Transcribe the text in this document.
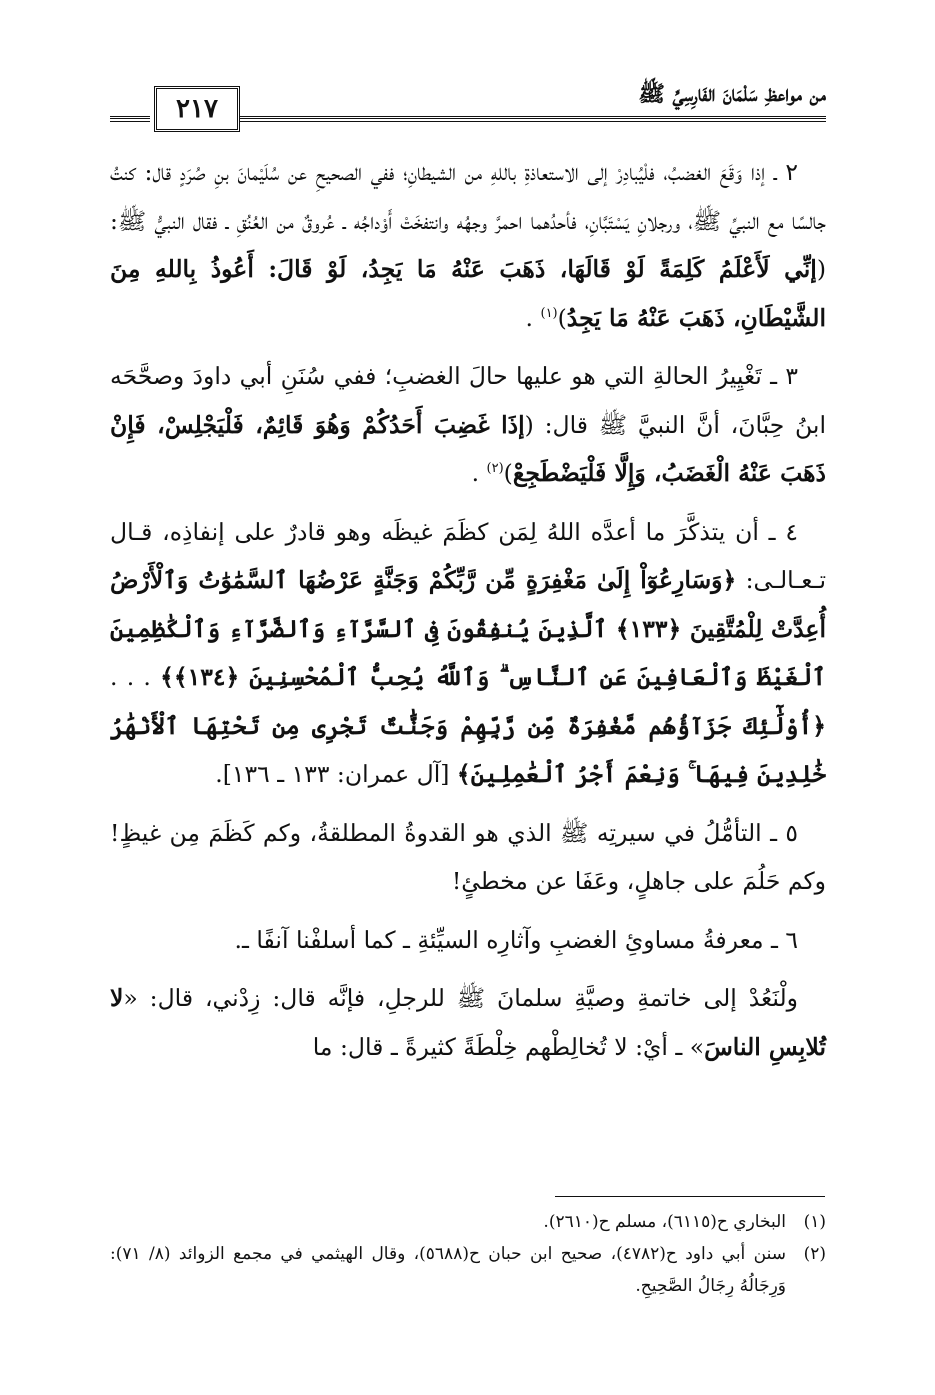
من مواعظِ سَلْمَانَ الفَارِسِيِّ ﷺ
٢١٧

٢ ـ إذا وَقَعَ الغضبُ، فلْيُبادِرْ إلى الاستعاذةِ باللهِ من الشيطانِ؛ ففي الصحيحِ عن سُلَيْمانَ بنِ صُرَدٍ قال: كنتُ جالسًا مع النبيِّ ﷺ، ورجلانِ يَسْتَبَّانِ، فأحدُهما احمرَّ وجهُه وانتفخَتْ أَوْداجُه ـ عُروقٌ من العُنُقِ ـ فقال النبيُّ ﷺ: (إنِّي لَأَعْلَمُ كَلِمَةً لَوْ قَالَهَا، ذَهَبَ عَنْهُ مَا يَجِدُ، لَوْ قَالَ: أَعُوذُ بِاللهِ مِنَ الشَّيْطَانِ، ذَهَبَ عَنْهُ مَا يَجِدُ)$^{(١)}$ .

٣ ـ تَغْيِيرُ الحالةِ التي هو عليها حالَ الغضبِ؛ ففي سُنَنِ أبي داودَ وصحَّحَه ابنُ حِبَّانَ، أنَّ النبيَّ ﷺ قال: (إذَا غَضِبَ أَحَدُكُمْ وَهُوَ قَائِمٌ، فَلْيَجْلِسْ، فَإِنْ ذَهَبَ عَنْهُ الْغَضَبُ، وَإِلَّا فَلْيَضْطَجِعْ)$^{(٢)}$ .

٤ ـ أن يتذكَّرَ ما أعدَّه اللهُ لِمَن كظَمَ غيظَه وهو قادرٌ على إنفاذِه، قـال تـعـالـى: ﴿وَسَارِعُوٓاْ إِلَىٰ مَغْفِرَةٍ مِّن رَّبِّكُمْ وَجَنَّةٍ عَرْضُهَا ٱلسَّمَٰوَٰتُ وَٱلْأَرْضُ أُعِدَّتْ لِلْمُتَّقِينَ ﴿١٣٣﴾ ٱلَّذِينَ يُنفِقُونَ فِى ٱلسَّرَّآءِ وَٱلضَّرَّآءِ وَٱلْكَٰظِمِينَ ٱلْغَيْظَ وَٱلْعَافِينَ عَنِ ٱلنَّاسِ ۗ وَٱللَّهُ يُحِبُّ ٱلْمُحْسِنِينَ ﴿١٣٤﴾﴾ . . . ﴿أُوْلَٰٓئِكَ جَزَآؤُهُم مَّغْفِرَةٌ مِّن رَّبِّهِمْ وَجَنَّٰتٌ تَجْرِى مِن تَحْتِهَا ٱلْأَنْهَٰرُ خَٰلِدِينَ فِيهَا ۚ وَنِعْمَ أَجْرُ ٱلْعَٰمِلِينَ﴾ [آل عمران: ١٣٣ ـ ١٣٦].

٥ ـ التأمُّلُ في سيرتِه ﷺ الذي هو القدوةُ المطلقةُ، وكم كَظَمَ مِن غيظٍ! وكم حَلُمَ على جاهلٍ، وعَفَا عن مخطئٍ!

٦ ـ معرفةُ مساوئِ الغضبِ وآثارِه السيِّئةِ ـ كما أسلفْنا آنفًا ـ.

ولْنَعُدْ إلى خاتمةِ وصيَّةِ سلمانَ ﷺ للرجلِ، فإنَّه قال: زِدْني، قال: «لا تُلابِسِ الناسَ» ـ أيْ: لا تُخالِطْهم خِلْطَةً كثيرةً ـ قال: ما

(١)
البخاري ح(٦١١٥)، مسلم ح(٢٦١٠).
(٢)
سنن أبي داود ح(٤٧٨٢)، صحيح ابن حبان ح(٥٦٨٨)، وقال الهيثمي في مجمع الزوائد (٨/ ٧١): وَرِجَالُهُ رِجَالُ الصَّحِيحِ.
